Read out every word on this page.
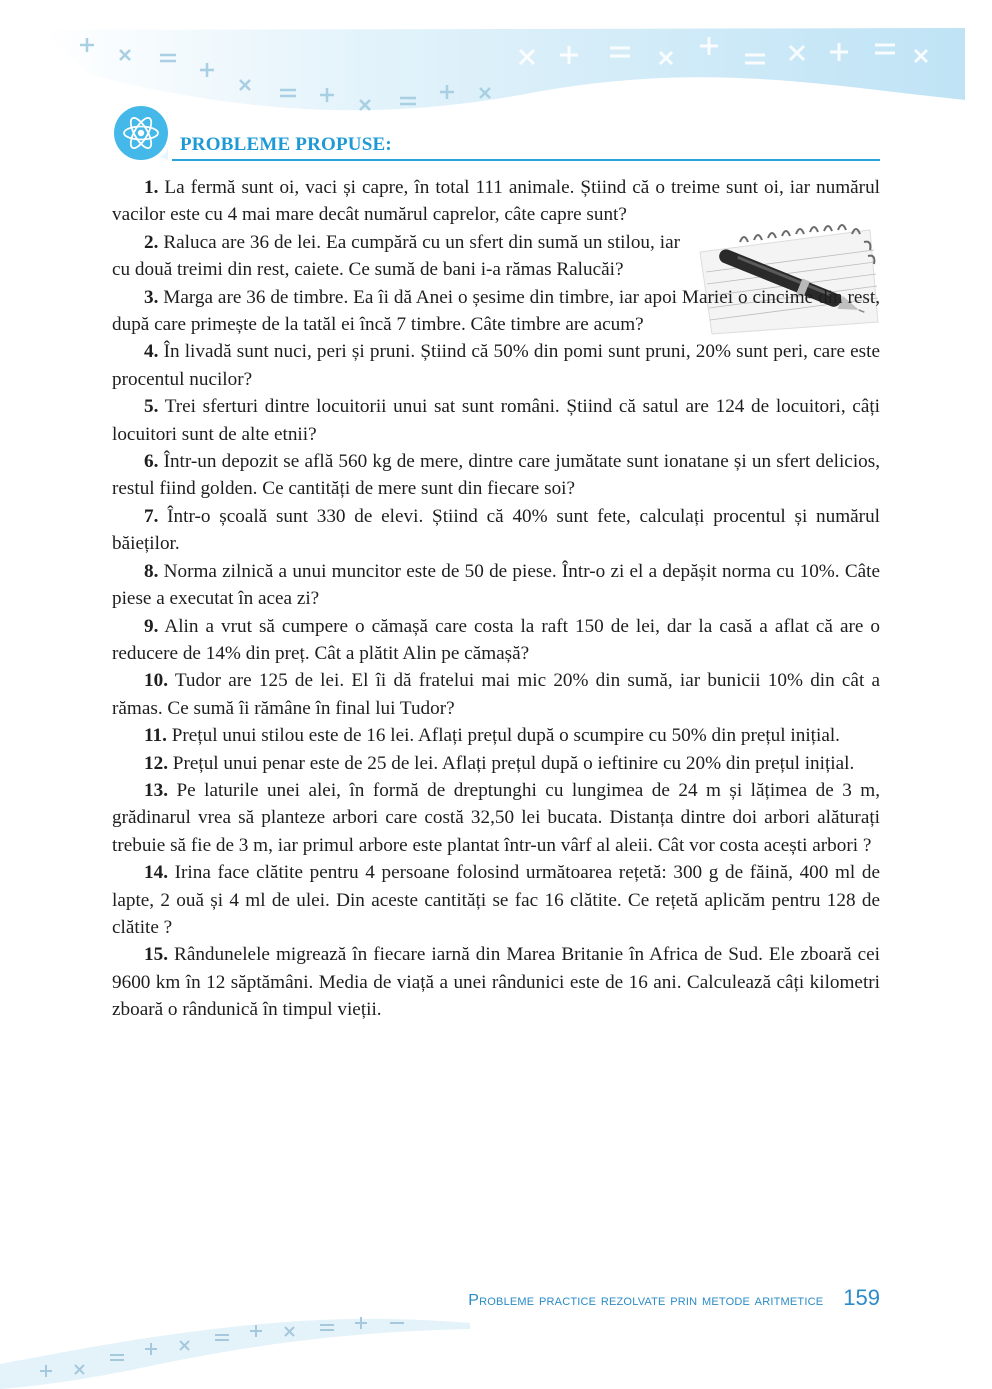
PROBLEME PROPUSE:

1. La fermă sunt oi, vaci și capre, în total 111 animale. Știind că o treime sunt oi, iar numărul vacilor este cu 4 mai mare decât numărul caprelor, câte capre sunt?

2. Raluca are 36 de lei. Ea cumpără cu un sfert din sumă un stilou, iar cu două treimi din rest, caiete. Ce sumă de bani i-a rămas Ralucăi?

3. Marga are 36 de timbre. Ea îi dă Anei o șesime din timbre, iar apoi Mariei o cincime din rest, după care primește de la tatăl ei încă 7 timbre. Câte timbre are acum?

4. În livadă sunt nuci, peri și pruni. Știind că 50% din pomi sunt pruni, 20% sunt peri, care este procentul nucilor?

5. Trei sferturi dintre locuitorii unui sat sunt români. Știind că satul are 124 de locuitori, câți locuitori sunt de alte etnii?

6. Într-un depozit se află 560 kg de mere, dintre care jumătate sunt ionatane și un sfert delicios, restul fiind golden. Ce cantități de mere sunt din fiecare soi?

7. Într-o școală sunt 330 de elevi. Știind că 40% sunt fete, calculați procentul și numărul băieților.

8. Norma zilnică a unui muncitor este de 50 de piese. Într-o zi el a depășit norma cu 10%. Câte piese a executat în acea zi?

9. Alin a vrut să cumpere o cămașă care costa la raft 150 de lei, dar la casă a aflat că are o reducere de 14% din preț. Cât a plătit Alin pe cămașă?

10. Tudor are 125 de lei. El îi dă fratelui mai mic 20% din sumă, iar bunicii 10% din cât a rămas. Ce sumă îi rămâne în final lui Tudor?

11. Prețul unui stilou este de 16 lei. Aflați prețul după o scumpire cu 50% din prețul inițial.

12. Prețul unui penar este de 25 de lei. Aflați prețul după o ieftinire cu 20% din prețul inițial.

13. Pe laturile unei alei, în formă de dreptunghi cu lungimea de 24 m și lățimea de 3 m, grădinarul vrea să planteze arbori care costă 32,50 lei bucata. Distanța dintre doi arbori alăturați trebuie să fie de 3 m, iar primul arbore este plantat într-un vârf al aleii. Cât vor costa acești arbori ?

14. Irina face clătite pentru 4 persoane folosind următoarea rețetă: 300 g de făină, 400 ml de lapte, 2 ouă și 4 ml de ulei. Din aceste cantități se fac 16 clătite. Ce rețetă aplicăm pentru 128 de clătite ?

15. Rândunelele migrează în fiecare iarnă din Marea Britanie în Africa de Sud. Ele zboară cei 9600 km în 12 săptămâni. Media de viață a unei rândunici este de 16 ani. Calculează câți kilometri zboară o rândunică în timpul vieții.

Probleme practice rezolvate prin metode aritmetice 159
